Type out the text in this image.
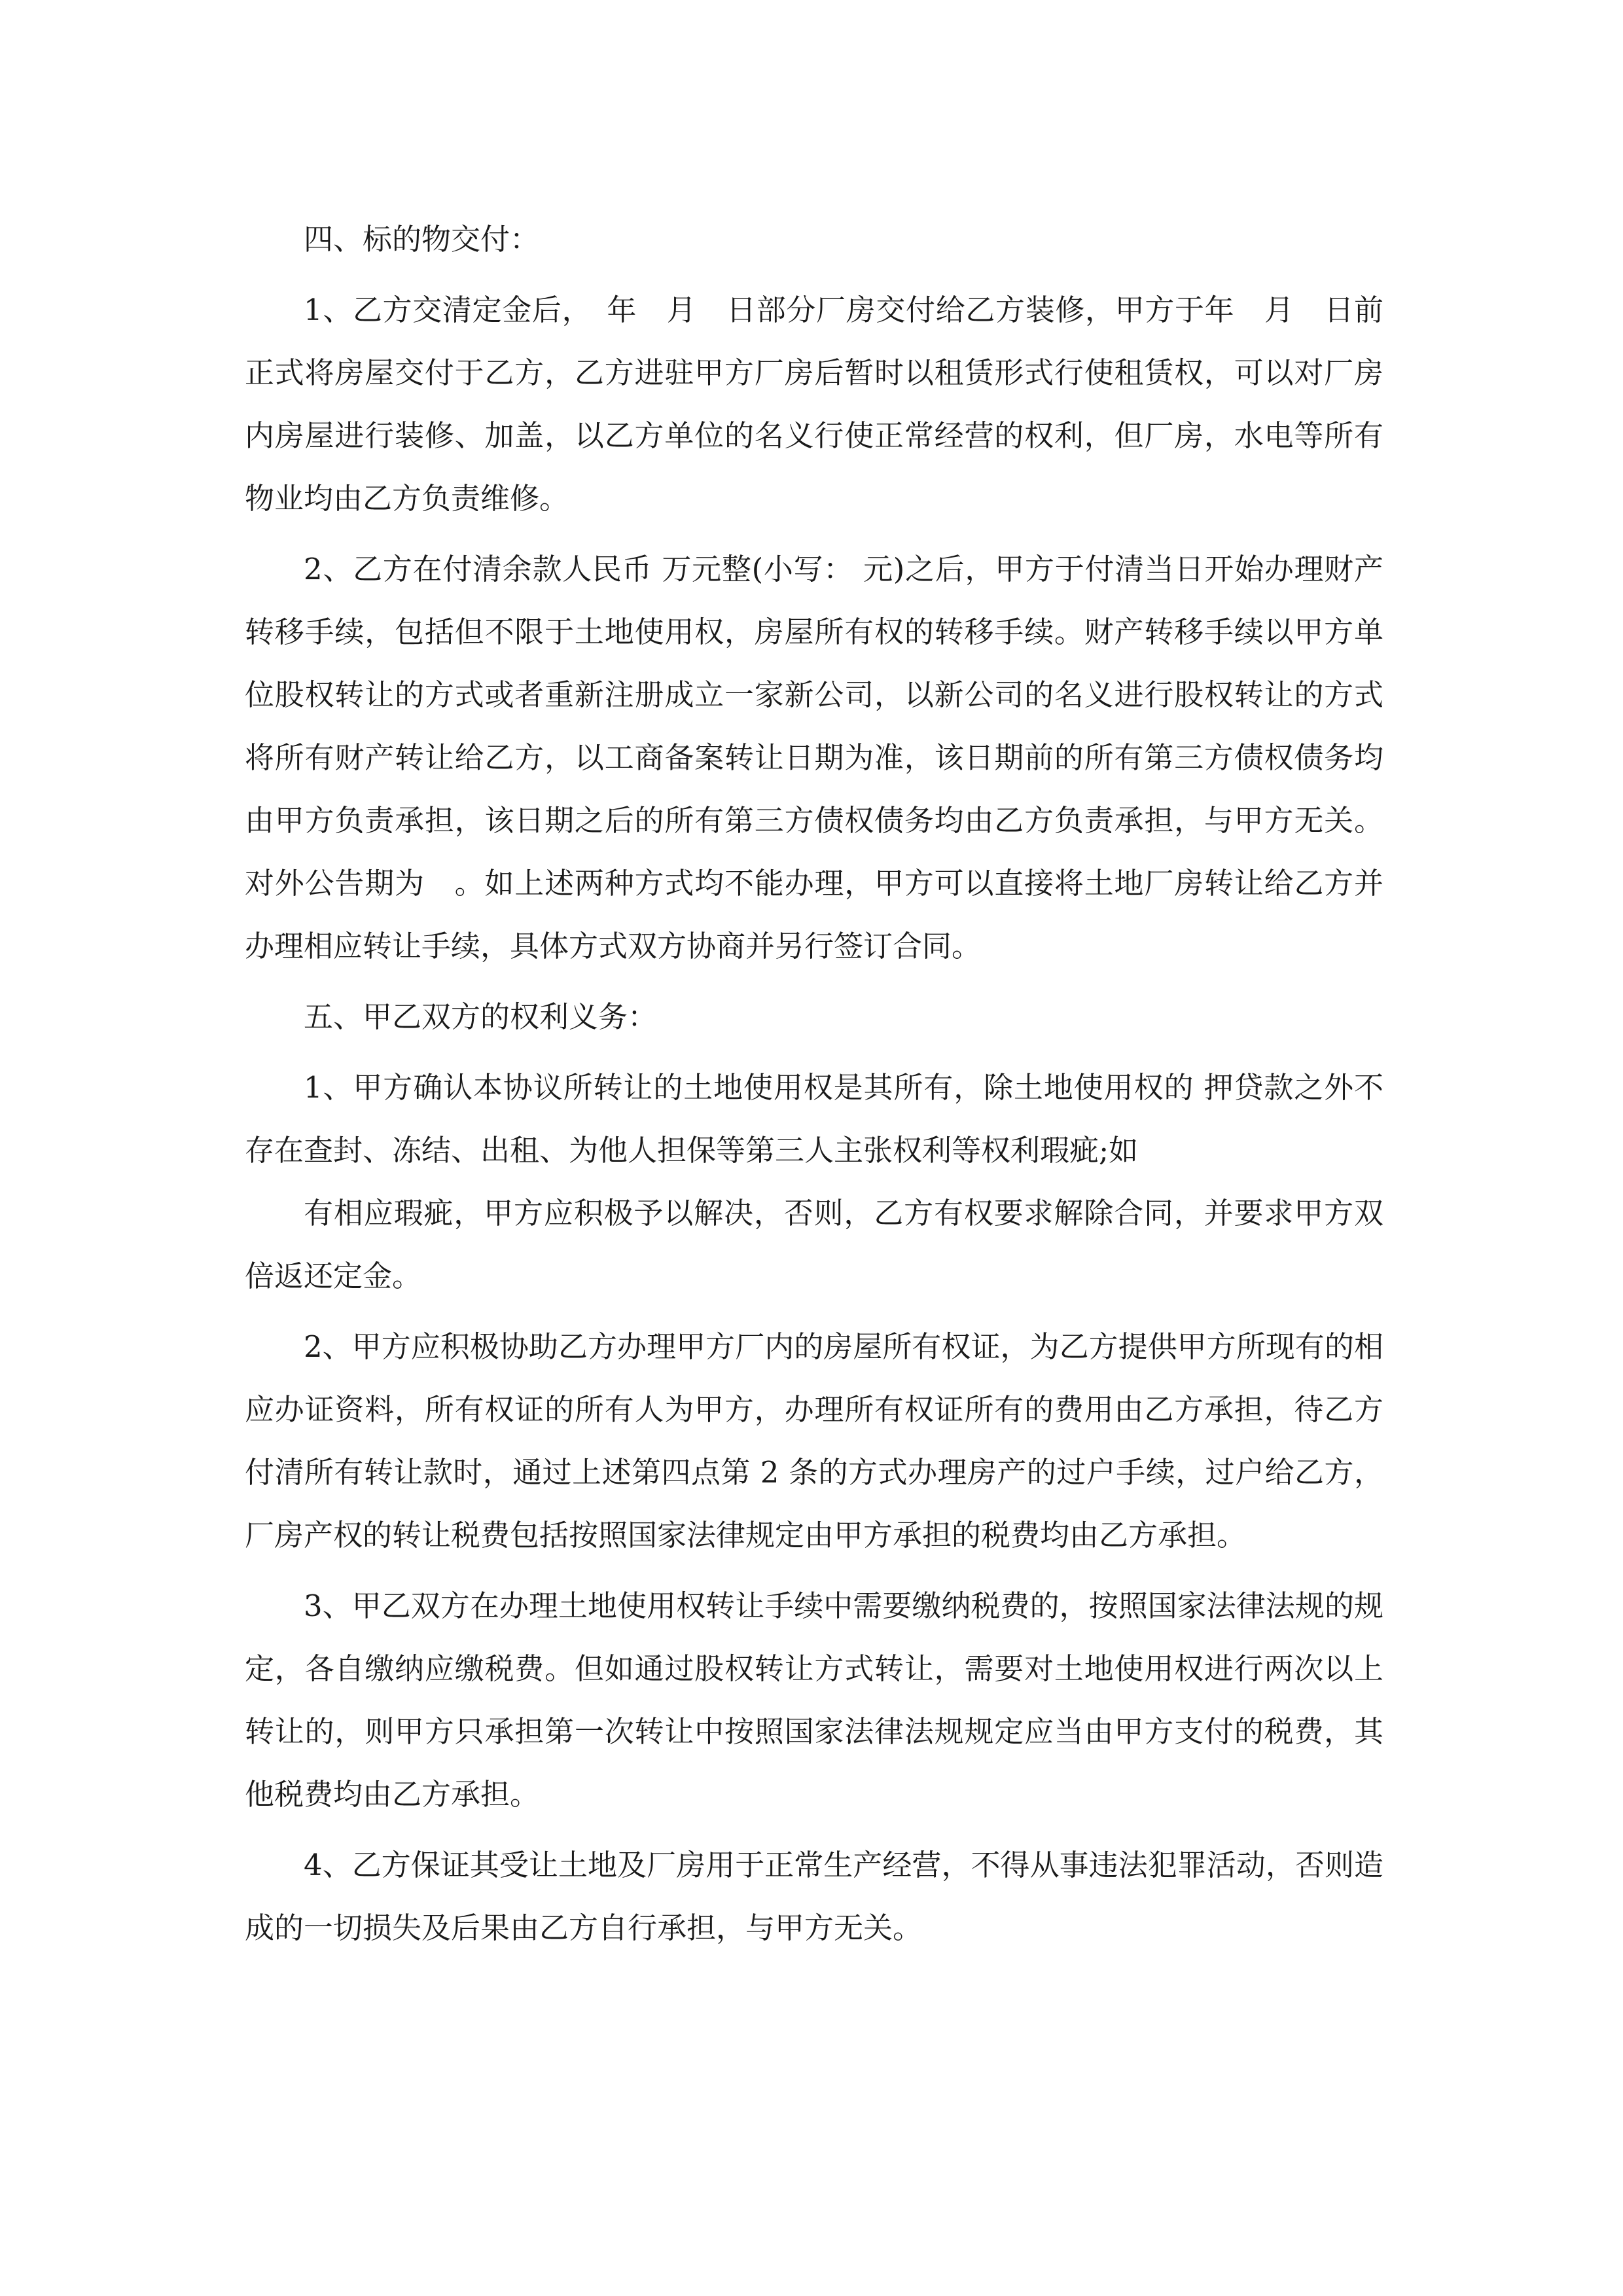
四、标的物交付：

1、乙方交清定金后，　年　月　日部分厂房交付给乙方装修，甲方于年　月　日前正式将房屋交付于乙方，乙方进驻甲方厂房后暂时以租赁形式行使租赁权，可以对厂房内房屋进行装修、加盖，以乙方单位的名义行使正常经营的权利，但厂房，水电等所有物业均由乙方负责维修。

2、乙方在付清余款人民币 万元整(小写： 元)之后，甲方于付清当日开始办理财产转移手续，包括但不限于土地使用权，房屋所有权的转移手续。财产转移手续以甲方单位股权转让的方式或者重新注册成立一家新公司，以新公司的名义进行股权转让的方式将所有财产转让给乙方，以工商备案转让日期为准，该日期前的所有第三方债权债务均由甲方负责承担，该日期之后的所有第三方债权债务均由乙方负责承担，与甲方无关。对外公告期为　。如上述两种方式均不能办理，甲方可以直接将土地厂房转让给乙方并办理相应转让手续，具体方式双方协商并另行签订合同。

五、甲乙双方的权利义务：

1、甲方确认本协议所转让的土地使用权是其所有，除土地使用权的 押贷款之外不存在查封、冻结、出租、为他人担保等第三人主张权利等权利瑕疵;如

有相应瑕疵，甲方应积极予以解决，否则，乙方有权要求解除合同，并要求甲方双倍返还定金。

2、甲方应积极协助乙方办理甲方厂内的房屋所有权证，为乙方提供甲方所现有的相应办证资料，所有权证的所有人为甲方，办理所有权证所有的费用由乙方承担，待乙方付清所有转让款时，通过上述第四点第 2 条的方式办理房产的过户手续，过户给乙方，厂房产权的转让税费包括按照国家法律规定由甲方承担的税费均由乙方承担。

3、甲乙双方在办理土地使用权转让手续中需要缴纳税费的，按照国家法律法规的规定，各自缴纳应缴税费。但如通过股权转让方式转让，需要对土地使用权进行两次以上转让的，则甲方只承担第一次转让中按照国家法律法规规定应当由甲方支付的税费，其他税费均由乙方承担。

4、乙方保证其受让土地及厂房用于正常生产经营，不得从事违法犯罪活动，否则造成的一切损失及后果由乙方自行承担，与甲方无关。
